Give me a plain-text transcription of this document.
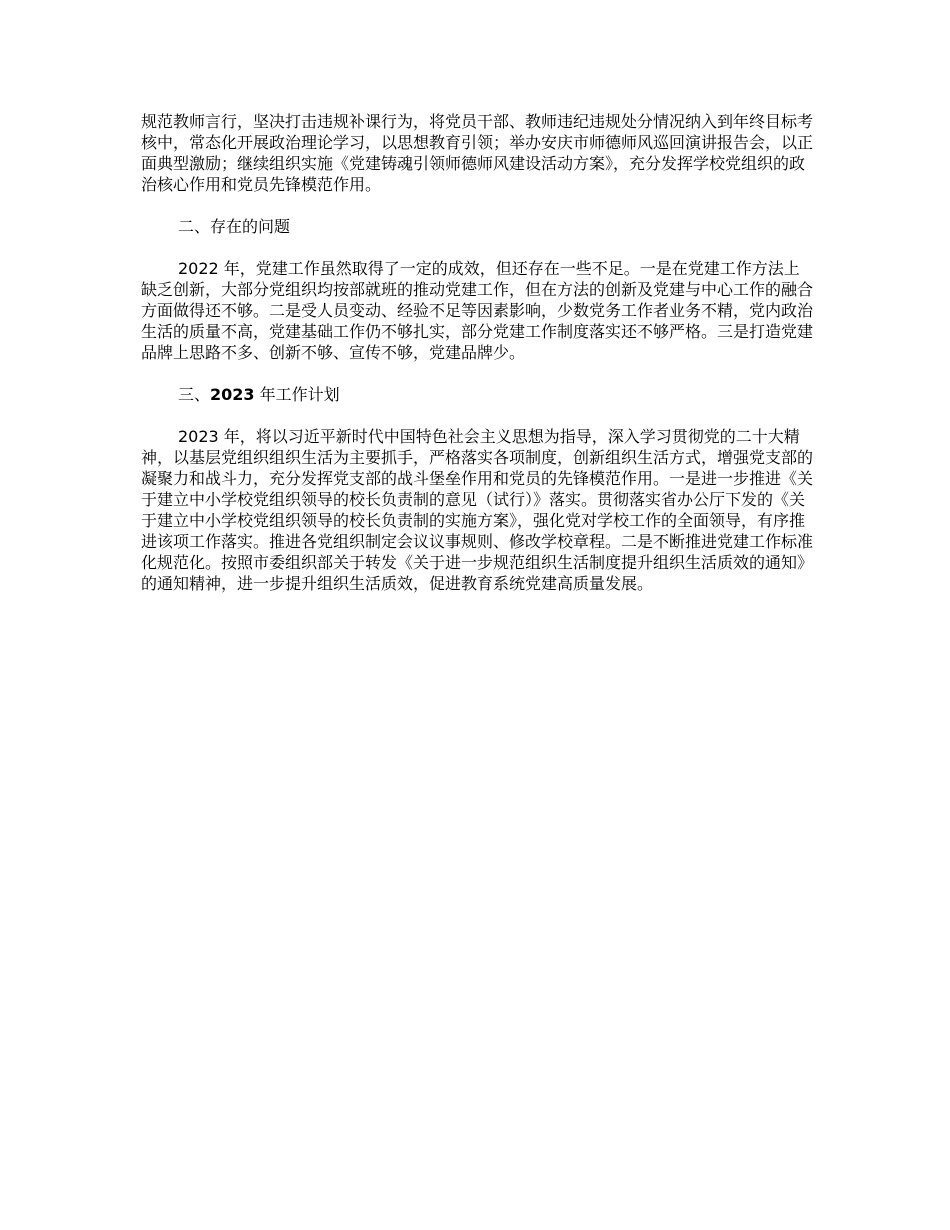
规范教师言行，坚决打击违规补课行为，将党员干部、教师违纪违规处分情况纳入到年终目标考核中，常态化开展政治理论学习，以思想教育引领；举办安庆市师德师风巡回演讲报告会，以正面典型激励；继续组织实施《党建铸魂引领师德师风建设活动方案》，充分发挥学校党组织的政治核心作用和党员先锋模范作用。

二、存在的问题

2022 年，党建工作虽然取得了一定的成效，但还存在一些不足。一是在党建工作方法上缺乏创新，大部分党组织均按部就班的推动党建工作，但在方法的创新及党建与中心工作的融合方面做得还不够。二是受人员变动、经验不足等因素影响，少数党务工作者业务不精，党内政治生活的质量不高，党建基础工作仍不够扎实，部分党建工作制度落实还不够严格。三是打造党建品牌上思路不多、创新不够、宣传不够，党建品牌少。

三、2023 年工作计划

2023 年，将以习近平新时代中国特色社会主义思想为指导，深入学习贯彻党的二十大精神，以基层党组织组织生活为主要抓手，严格落实各项制度，创新组织生活方式，增强党支部的凝聚力和战斗力，充分发挥党支部的战斗堡垒作用和党员的先锋模范作用。一是进一步推进《关于建立中小学校党组织领导的校长负责制的意见（试行）》落实。贯彻落实省办公厅下发的《关于建立中小学校党组织领导的校长负责制的实施方案》，强化党对学校工作的全面领导，有序推进该项工作落实。推进各党组织制定会议议事规则、修改学校章程。二是不断推进党建工作标准化规范化。按照市委组织部关于转发《关于进一步规范组织生活制度提升组织生活质效的通知》的通知精神，进一步提升组织生活质效，促进教育系统党建高质量发展。
